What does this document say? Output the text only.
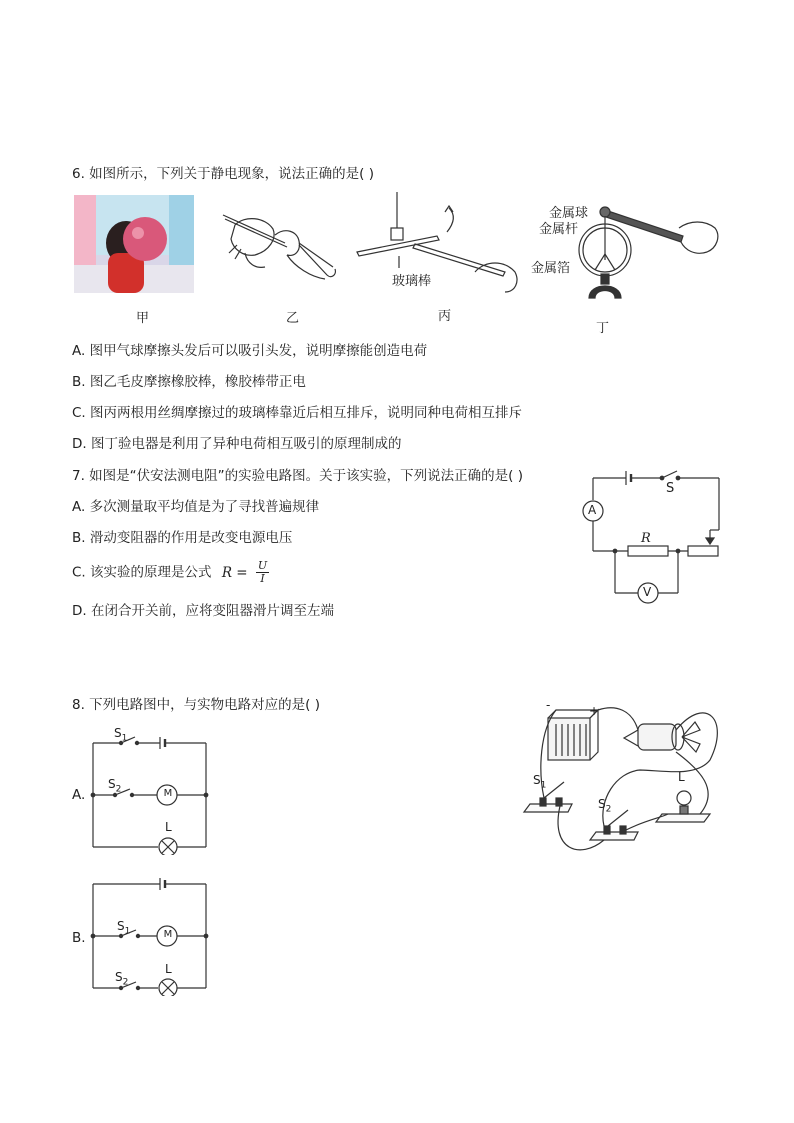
6. 如图所示，下列关于静电现象，说法正确的是( )
甲	乙
玻璃棒
丙
金属球
金属杆
金属箔
丁
A. 图甲气球摩擦头发后可以吸引头发，说明摩擦能创造电荷
B. 图乙毛皮摩擦橡胶棒，橡胶棒带正电
C. 图丙两根用丝绸摩擦过的玻璃棒靠近后相互排斥，说明同种电荷相互排斥
D. 图丁验电器是利用了异种电荷相互吸引的原理制成的
7. 如图是“伏安法测电阻”的实验电路图。关于该实验，下列说法正确的是( )
A. 多次测量取平均值是为了寻找普遍规律
B. 滑动变阻器的作用是改变电源电压
C. 该实验的原理是公式 $R = \frac{U}{I}$
D. 在闭合开关前，应将变阻器滑片调至左端
A
V
S
R
8. 下列电路图中，与实物电路对应的是( )
A.
$S_1$
$S_2$	M
L
B.
$S_1$
$S_2$
M
L
-	+
$S_1$
$S_2$
L
